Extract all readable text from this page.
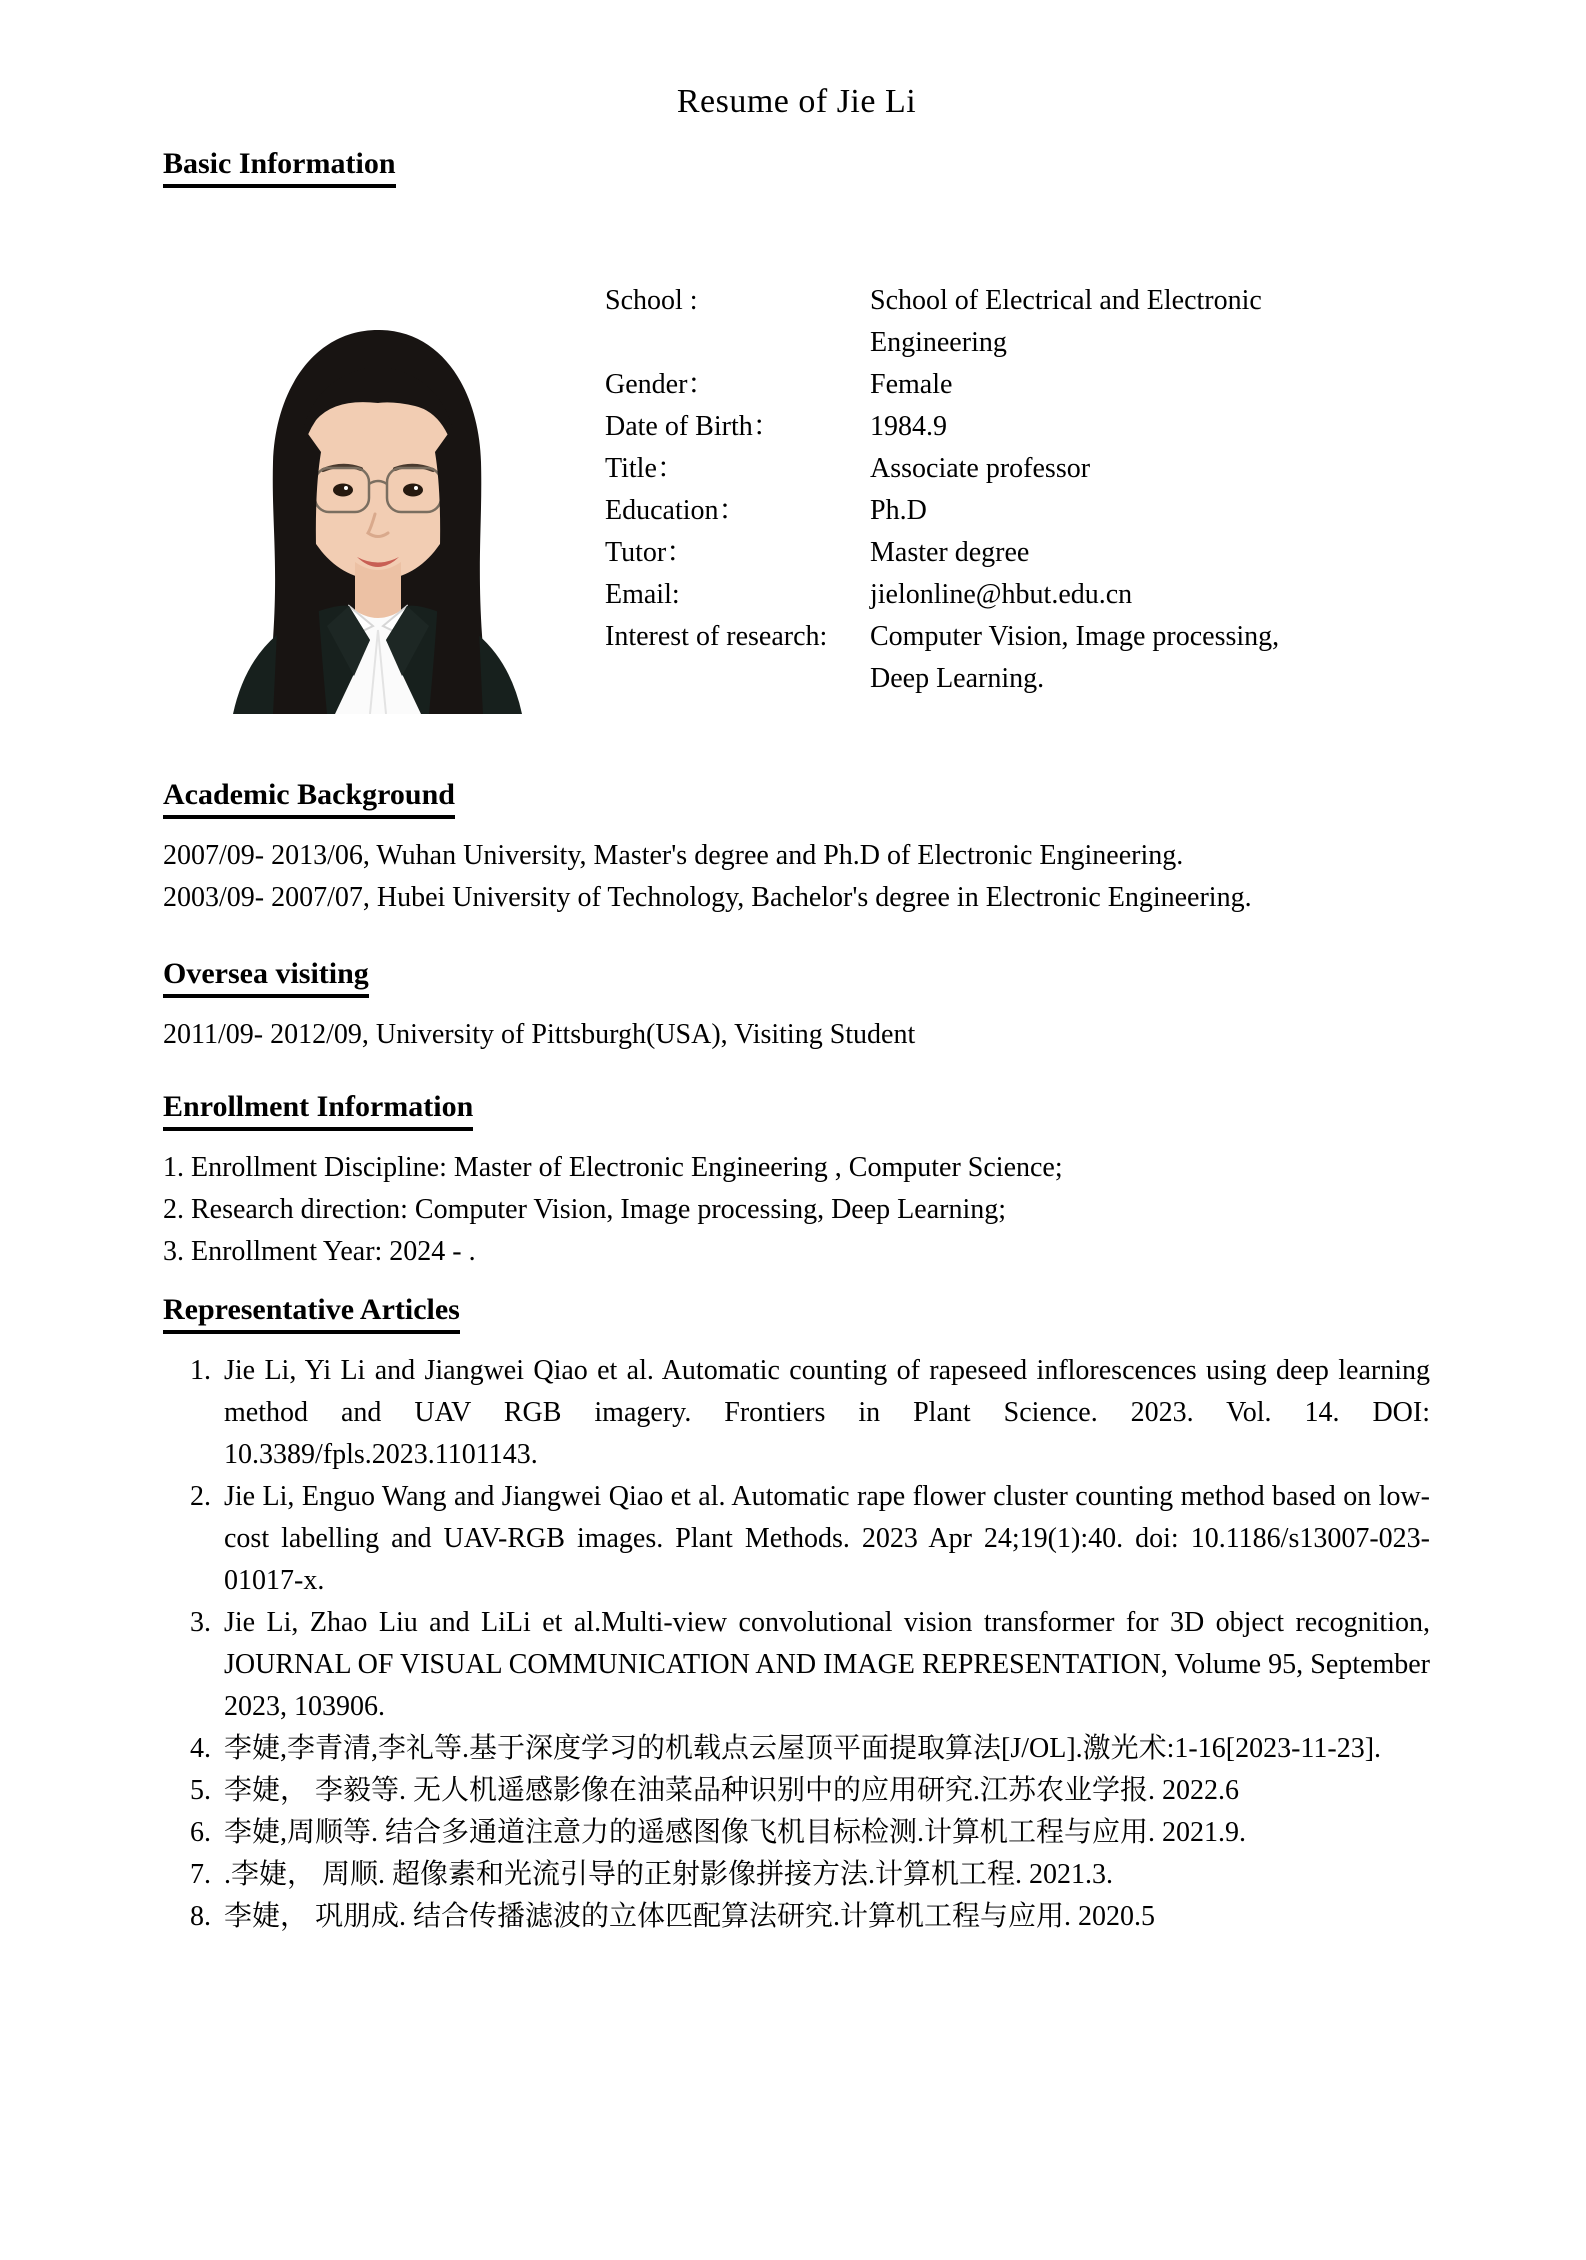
Resume of Jie Li
Basic Information
School :	School of Electrical and Electronic Engineering
Gender：	Female
Date of Birth：	1984.9
Title：	Associate professor
Education：	Ph.D
Tutor：	Master degree
Email:	jielonline@hbut.edu.cn
Interest of research:	Computer Vision, Image processing, Deep Learning.
Academic Background

2007/09- 2013/06, Wuhan University, Master's degree and Ph.D of Electronic Engineering.

2003/09- 2007/07, Hubei University of Technology, Bachelor's degree in Electronic Engineering.

Oversea visiting

2011/09- 2012/09, University of Pittsburgh(USA), Visiting Student

Enrollment Information
1. Enrollment Discipline: Master of Electronic Engineering , Computer Science;
2. Research direction: Computer Vision, Image processing, Deep Learning;
3. Enrollment Year: 2024 - .
Representative Articles
1. Jie Li, Yi Li and Jiangwei Qiao et al. Automatic counting of rapeseed inflorescences using deep learning method and UAV RGB imagery. Frontiers in Plant Science. 2023. Vol. 14. DOI: 10.3389/fpls.2023.1101143.
2. Jie Li, Enguo Wang and Jiangwei Qiao et al. Automatic rape flower cluster counting method based on low-cost labelling and UAV-RGB images. Plant Methods. 2023 Apr 24;19(1):40. doi: 10.1186/s13007-023-01017-x.
3. Jie Li, Zhao Liu and LiLi et al.Multi-view convolutional vision transformer for 3D object recognition, JOURNAL OF VISUAL COMMUNICATION AND IMAGE REPRESENTATION, Volume 95, September 2023, 103906.
4. 李婕,李青清,李礼等.基于深度学习的机载点云屋顶平面提取算法[J/OL].激光术:1-16[2023-11-23].
5. 李婕， 李毅等. 无人机遥感影像在油菜品种识别中的应用研究.江苏农业学报. 2022.6
6. 李婕,周顺等. 结合多通道注意力的遥感图像飞机目标检测.计算机工程与应用. 2021.9.
7. .李婕， 周顺. 超像素和光流引导的正射影像拼接方法.计算机工程. 2021.3.
8. 李婕， 巩朋成. 结合传播滤波的立体匹配算法研究.计算机工程与应用. 2020.5
